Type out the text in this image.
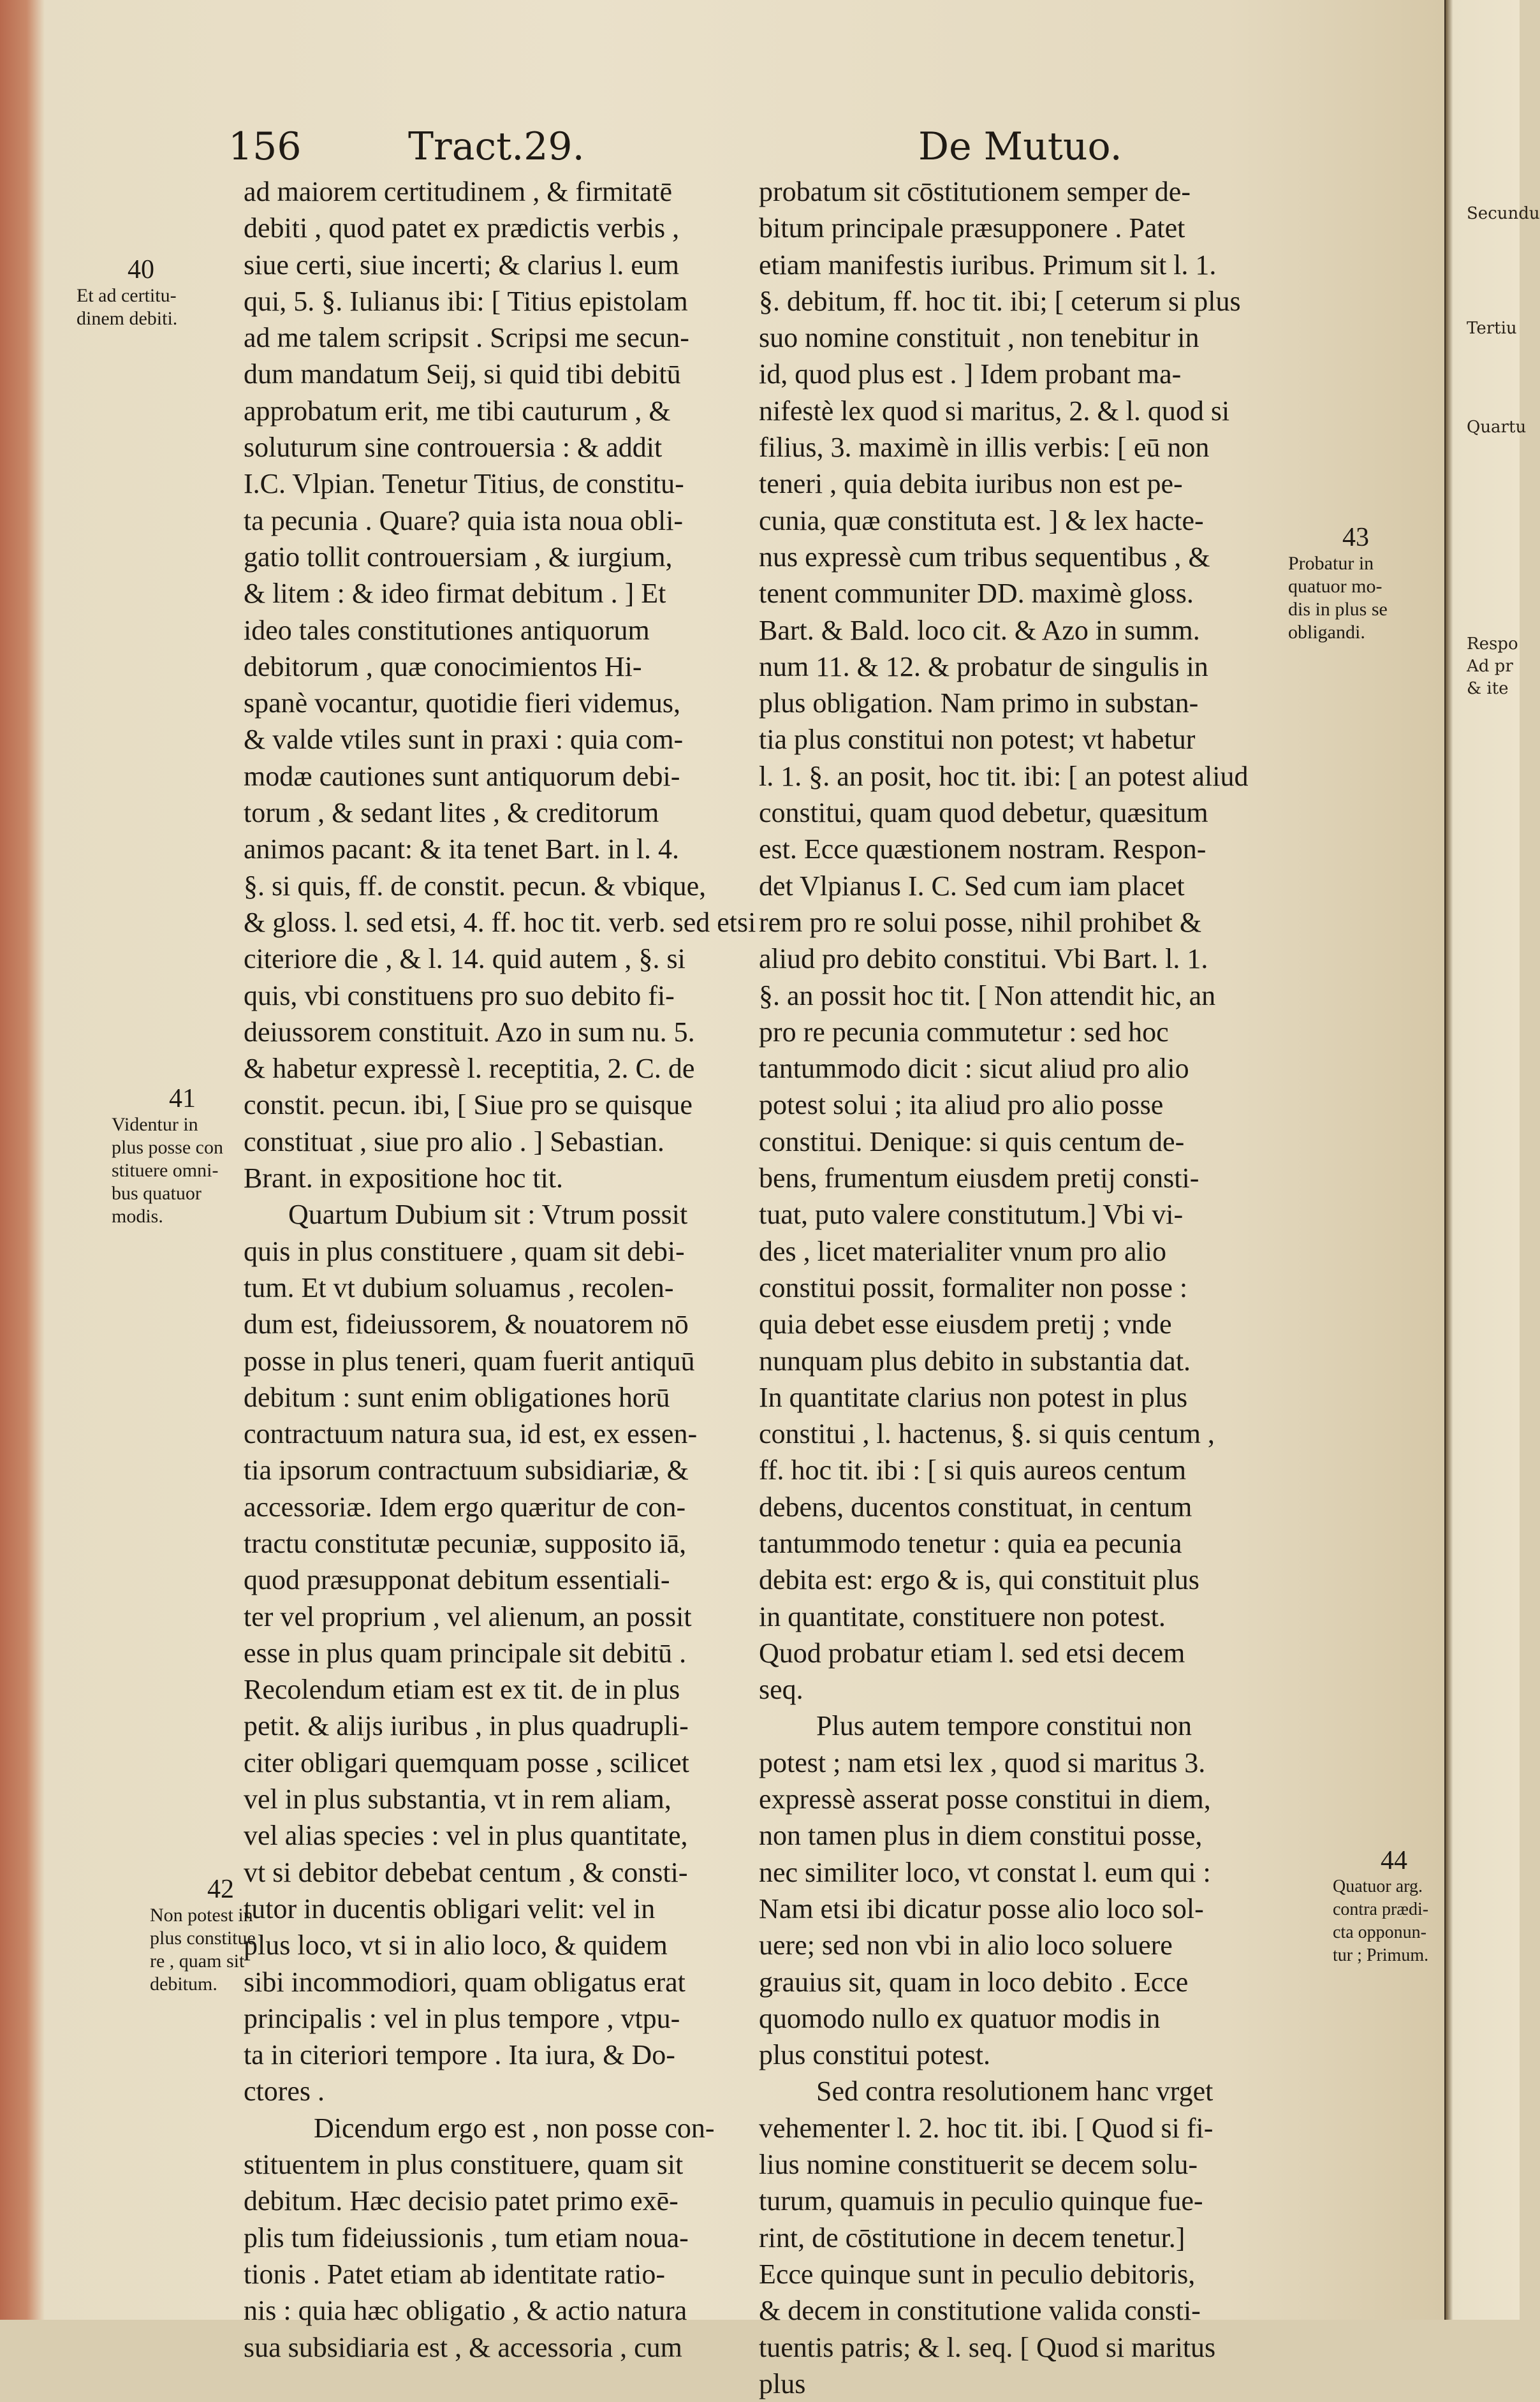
Secundu
Tertiu
Quartu
Respo
Ad pr
& ite
156	Tract.29.	De Mutuo.
ad maiorem certitudinem , & firmitatē
debiti , quod patet ex prædictis verbis ,
siue certi, siue incerti; & clarius l. eum
qui, 5. §. Iulianus ibi: [ Titius epistolam
ad me talem scripsit . Scripsi me secun-
dum mandatum Seij, si quid tibi debitū
approbatum erit, me tibi cauturum , &
soluturum sine controuersia : & addit
I.C. Vlpian. Tenetur Titius, de constitu-
ta pecunia . Quare? quia ista noua obli-
gatio tollit controuersiam , & iurgium,
& litem : & ideo firmat debitum . ] Et
ideo tales constitutiones antiquorum
debitorum , quæ conocimientos Hi-
spanè vocantur, quotidie fieri videmus,
& valde vtiles sunt in praxi : quia com-
modæ cautiones sunt antiquorum debi-
torum , & sedant lites , & creditorum
animos pacant: & ita tenet Bart. in l. 4.
§. si quis, ff. de constit. pecun. & vbique,
& gloss. l. sed etsi, 4. ff. hoc tit. verb. sed etsi
citeriore die , & l. 14. quid autem , §. si
quis, vbi constituens pro suo debito fi-
deiussorem constituit. Azo in sum nu. 5.
& habetur expressè l. receptitia, 2. C. de
constit. pecun. ibi, [ Siue pro se quisque
constituat , siue pro alio . ] Sebastian.
Brant. in expositione hoc tit.
Quartum Dubium sit : Vtrum possit
quis in plus constituere , quam sit debi-
tum. Et vt dubium soluamus , recolen-
dum est, fideiussorem, & nouatorem nō
posse in plus teneri, quam fuerit antiquū
debitum : sunt enim obligationes horū
contractuum natura sua, id est, ex essen-
tia ipsorum contractuum subsidiariæ, &
accessoriæ. Idem ergo quæritur de con-
tractu constitutæ pecuniæ, supposito iā,
quod præsupponat debitum essentiali-
ter vel proprium , vel alienum, an possit
esse in plus quam principale sit debitū .
Recolendum etiam est ex tit. de in plus
petit. & alijs iuribus , in plus quadrupli-
citer obligari quemquam posse , scilicet
vel in plus substantia, vt in rem aliam,
vel alias species : vel in plus quantitate,
vt si debitor debebat centum , & consti-
tutor in ducentis obligari velit: vel in
plus loco, vt si in alio loco, & quidem
sibi incommodiori, quam obligatus erat
principalis : vel in plus tempore , vtpu-
ta in citeriori tempore . Ita iura, & Do-
ctores .
Dicendum ergo est , non posse con-
stituentem in plus constituere, quam sit
debitum. Hæc decisio patet primo exē-
plis tum fideiussionis , tum etiam noua-
tionis . Patet etiam ab identitate ratio-
nis : quia hæc obligatio , & actio natura
sua subsidiaria est , & accessoria , cum
probatum sit cōstitutionem semper de-
bitum principale præsupponere . Patet
etiam manifestis iuribus. Primum sit l. 1.
§. debitum, ff. hoc tit. ibi; [ ceterum si plus
suo nomine constituit , non tenebitur in
id, quod plus est . ] Idem probant ma-
nifestè lex quod si maritus, 2. & l. quod si
filius, 3. maximè in illis verbis: [ eū non
teneri , quia debita iuribus non est pe-
cunia, quæ constituta est. ] & lex hacte-
nus expressè cum tribus sequentibus , &
tenent communiter DD. maximè gloss.
Bart. & Bald. loco cit. & Azo in summ.
num 11. & 12. & probatur de singulis in
plus obligation. Nam primo in substan-
tia plus constitui non potest; vt habetur
l. 1. §. an posit, hoc tit. ibi: [ an potest aliud
constitui, quam quod debetur, quæsitum
est. Ecce quæstionem nostram. Respon-
det Vlpianus I. C. Sed cum iam placet
rem pro re solui posse, nihil prohibet &
aliud pro debito constitui. Vbi Bart. l. 1.
§. an possit hoc tit. [ Non attendit hic, an
pro re pecunia commutetur : sed hoc
tantummodo dicit : sicut aliud pro alio
potest solui ; ita aliud pro alio posse
constitui. Denique: si quis centum de-
bens, frumentum eiusdem pretij consti-
tuat, puto valere constitutum.] Vbi vi-
des , licet materialiter vnum pro alio
constitui possit, formaliter non posse :
quia debet esse eiusdem pretij ; vnde
nunquam plus debito in substantia dat.
In quantitate clarius non potest in plus
constitui , l. hactenus, §. si quis centum ,
ff. hoc tit. ibi : [ si quis aureos centum
debens, ducentos constituat, in centum
tantummodo tenetur : quia ea pecunia
debita est: ergo & is, qui constituit plus
in quantitate, constituere non potest.
Quod probatur etiam l. sed etsi decem
seq.
Plus autem tempore constitui non
potest ; nam etsi lex , quod si maritus 3.
expressè asserat posse constitui in diem,
non tamen plus in diem constitui posse,
nec similiter loco, vt constat l. eum qui :
Nam etsi ibi dicatur posse alio loco sol-
uere; sed non vbi in alio loco soluere
grauius sit, quam in loco debito . Ecce
quomodo nullo ex quatuor modis in
plus constitui potest.
Sed contra resolutionem hanc vrget
vehementer l. 2. hoc tit. ibi. [ Quod si fi-
lius nomine constituerit se decem solu-
turum, quamuis in peculio quinque fue-
rint, de cōstitutione in decem tenetur.]
Ecce quinque sunt in peculio debitoris,
& decem in constitutione valida consti-
tuentis patris; & l. seq. [ Quod si maritus
plus
40
Et ad certitu-
dinem debiti.
41
Videntur in
plus posse con
stituere omni-
bus quatuor
modis.
42
Non potest in
plus constitue
re , quam sit
debitum.
43
Probatur in
quatuor mo-
dis in plus se
obligandi.
44
Quatuor arg.
contra prædi-
cta opponun-
tur ; Primum.
